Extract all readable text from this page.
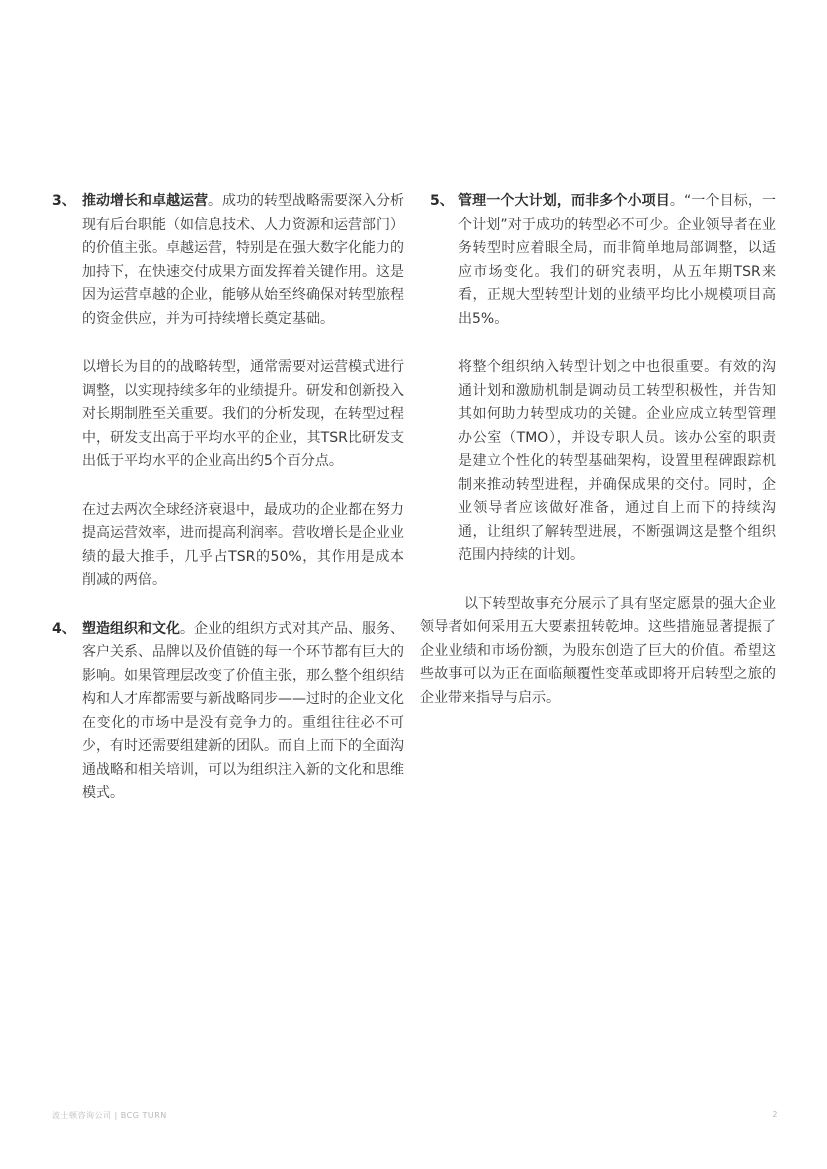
3、 推动增长和卓越运营。成功的转型战略需要深入分析现有后台职能（如信息技术、人力资源和运营部门）的价值主张。卓越运营，特别是在强大数字化能力的加持下，在快速交付成果方面发挥着关键作用。这是因为运营卓越的企业，能够从始至终确保对转型旅程的资金供应，并为可持续增长奠定基础。

以增长为目的的战略转型，通常需要对运营模式进行调整，以实现持续多年的业绩提升。研发和创新投入对长期制胜至关重要。我们的分析发现，在转型过程中，研发支出高于平均水平的企业，其TSR比研发支出低于平均水平的企业高出约5个百分点。

在过去两次全球经济衰退中，最成功的企业都在努力提高运营效率，进而提高利润率。营收增长是企业业绩的最大推手，几乎占TSR的50%，其作用是成本削减的两倍。

4、 塑造组织和文化。企业的组织方式对其产品、服务、客户关系、品牌以及价值链的每一个环节都有巨大的影响。如果管理层改变了价值主张，那么整个组织结构和人才库都需要与新战略同步——过时的企业文化在变化的市场中是没有竞争力的。重组往往必不可少，有时还需要组建新的团队。而自上而下的全面沟通战略和相关培训，可以为组织注入新的文化和思维模式。
5、 管理一个大计划，而非多个小项目。“一个目标，一个计划”对于成功的转型必不可少。企业领导者在业务转型时应着眼全局，而非简单地局部调整，以适应市场变化。我们的研究表明，从五年期TSR来看，正规大型转型计划的业绩平均比小规模项目高出5%。

将整个组织纳入转型计划之中也很重要。有效的沟通计划和激励机制是调动员工转型积极性，并告知其如何助力转型成功的关键。企业应成立转型管理办公室（TMO），并设专职人员。该办公室的职责是建立个性化的转型基础架构，设置里程碑跟踪机制来推动转型进程，并确保成果的交付。同时，企业领导者应该做好准备，通过自上而下的持续沟通，让组织了解转型进展，不断强调这是整个组织范围内持续的计划。

以下转型故事充分展示了具有坚定愿景的强大企业领导者如何采用五大要素扭转乾坤。这些措施显著提振了企业业绩和市场份额，为股东创造了巨大的价值。希望这些故事可以为正在面临颠覆性变革或即将开启转型之旅的企业带来指导与启示。

波士顿咨询公司 | BCG TURN	2
